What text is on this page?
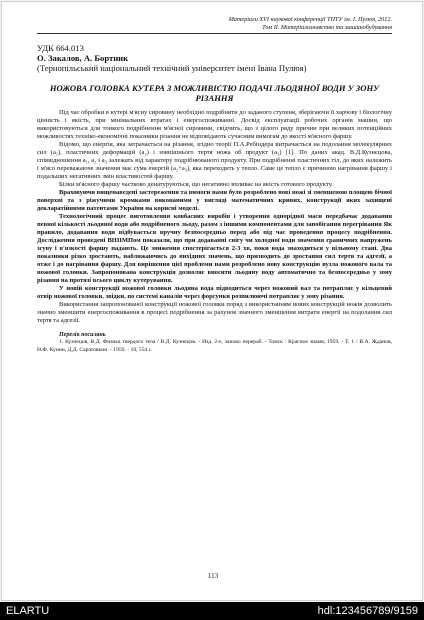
Матеріали XVI наукової конференції ТНТУ ім. І. Пулюя, 2012.
Том ІІ. Матеріалознавство та машинобудування
УДК 664.013
О. Закалов, А. Бортник
(Тернопільський національний технічний університет імені Івана Пулюя)
НОЖОВА ГОЛОВКА КУТЕРА З МОЖЛИВІСТЮ ПОДАЧІ ЛЬОДЯНОЇ ВОДИ У ЗОНУ РІЗАННЯ

Під час обробки в кутері м'ясну сировину необхідно подрібнити до заданого ступеня, зберігаючи її харчову і біологічну цінність і якість, при мінімальних втратах і енергоспоживанні. Досвід експлуатації робочих органів машин, що використовуються для тонкого подрібнення м'ясної сировини, свідчить, що з цілого ряду причин при великих потенційних можливостях техніко-економічні показники різання не відповідають сучасним вимогам до якості м'ясного фаршу.

Відомо, що енергія, яка затрачається на різання, згідно теорії П.А.Ребіндера витрачається на подолання молекулярних сил (a₁), пластичних деформацій (a₂) і зовнішнього тертя ножа об продукт (a₃) [1]. По даних акад. В.Д.Кузнєцова, співвідношення a₁, a₂ і a₃ залежать від характеру подрібнюваного продукту. При подрібненні пластичних тіл, до яких належить і м'ясо переважаюче значення має сума енергій (a₂+a₃), яка переходить у тепло. Саме це тепло є причиною нагрівання фаршу і подальших негативних змін властивостей фаршу.

Білки м'ясного фаршу частково денатуруються, що негативно впливає на якість готового продукту.

Враховуючи вищенаведені застереження та вимоги нами було розроблено нові ножі зі зменшеною площею бічної поверхні та з ріжучими кромками виконаними у вигляді математичних кривих, конструкції яких захищені декларатійними патентами України на корисні моделі.

Технологічний процес виготовлення ковбасних виробів і утворення однорідної маси передбачає додавання певної кількості льодяної води або подрібненого льоду, разом з іншими компонентами для запобігання перегрівання Як правило, додавання води відбувається вручну безпосередньо перед або під час проведення процесу подрібнення. Дослідження проведені ВНІІМПом показали, що при додаванні снігу чи холодної води значення граничних напружень зсуву і в'язкості фаршу падають. Це зниження спостерігається 2-3 хв, поки вода знаходиться у вільному стані. Два показники різко зростають, наближаючись до вихідних значень, що призводить до зростання сил тертя та адгезії, а отже і до нагрівання фаршу. Для вирішення цієї проблеми нами розроблено нову конструкцію вузла ножового вала та ножової головки. Запропонована конструкція дозволяє вносити льодяну воду автоматично та безпосередньо у зону різання на протязі всього циклу кутерування.

У новій конструкції ножової головки льодяна вода підводиться через ножовий вал та потрапляє у кільцевий отвір ножової головки, звідки, по системі каналів через форсунки розпилюючі потрапляє у зону різання.

Використання запропонованої конструкції ножової головки поряд з використанням нових конструкцій ножів дозволить значно зменшити енергоспоживання в процесі подрібнення за рахунок значного зменшення витрати енергії на подолання сил тертя та адгезії.

Перелік посилань
1. Кузнецов, В.Д. Физика твердого тела / В.Д. Кузнецов. - Изд. 2-е, заново перераб. - Томск : Красное знамя, 1959. - Т. 1 / В.А. Жданов, Н.Ф. Кунин, Д.Д. Саратовкин. - 1959. - 10, 554 с.
113
ELARTU	hdl:123456789/9159
